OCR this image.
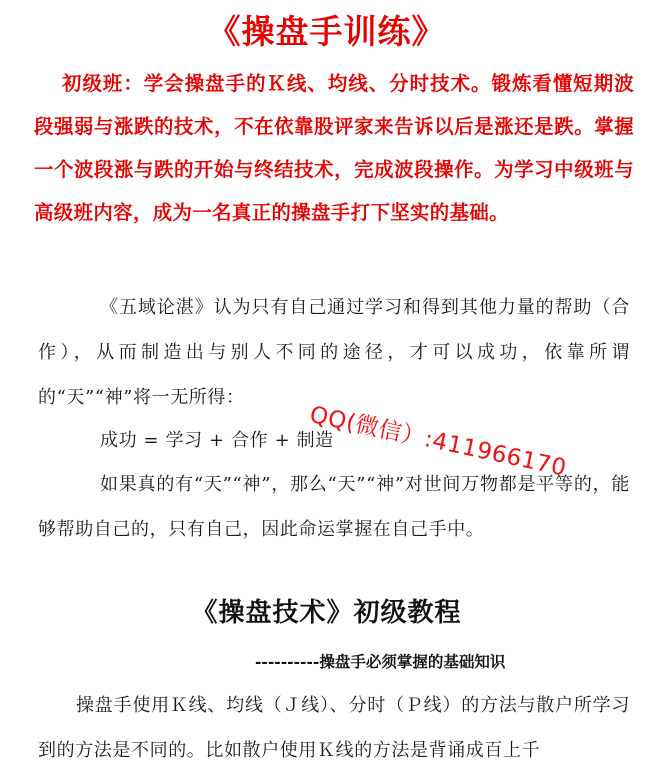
《操盘手训练》
初级班：学会操盘手的Ｋ线、均线、分时技术。锻炼看懂短期波段强弱与涨跌的技术，不在依靠股评家来告诉以后是涨还是跌。掌握一个波段涨与跌的开始与终结技术，完成波段操作。为学习中级班与高级班内容，成为一名真正的操盘手打下坚实的基础。
《五域论湛》认为只有自己通过学习和得到其他力量的帮助（合作），从而制造出与别人不同的途径，才可以成功，依靠所谓的“天”“神”将一无所得：
成功 = 学习 + 合作 + 制造
如果真的有“天”“神”，那么“天”“神”对世间万物都是平等的，能够帮助自己的，只有自己，因此命运掌握在自己手中。
QQ(微信）:411966170
《操盘技术》初级教程
----------操盘手必须掌握的基础知识
操盘手使用Ｋ线、均线（Ｊ线）、分时（Ｐ线）的方法与散户所学习到的方法是不同的。比如散户使用Ｋ线的方法是背诵成百上千
